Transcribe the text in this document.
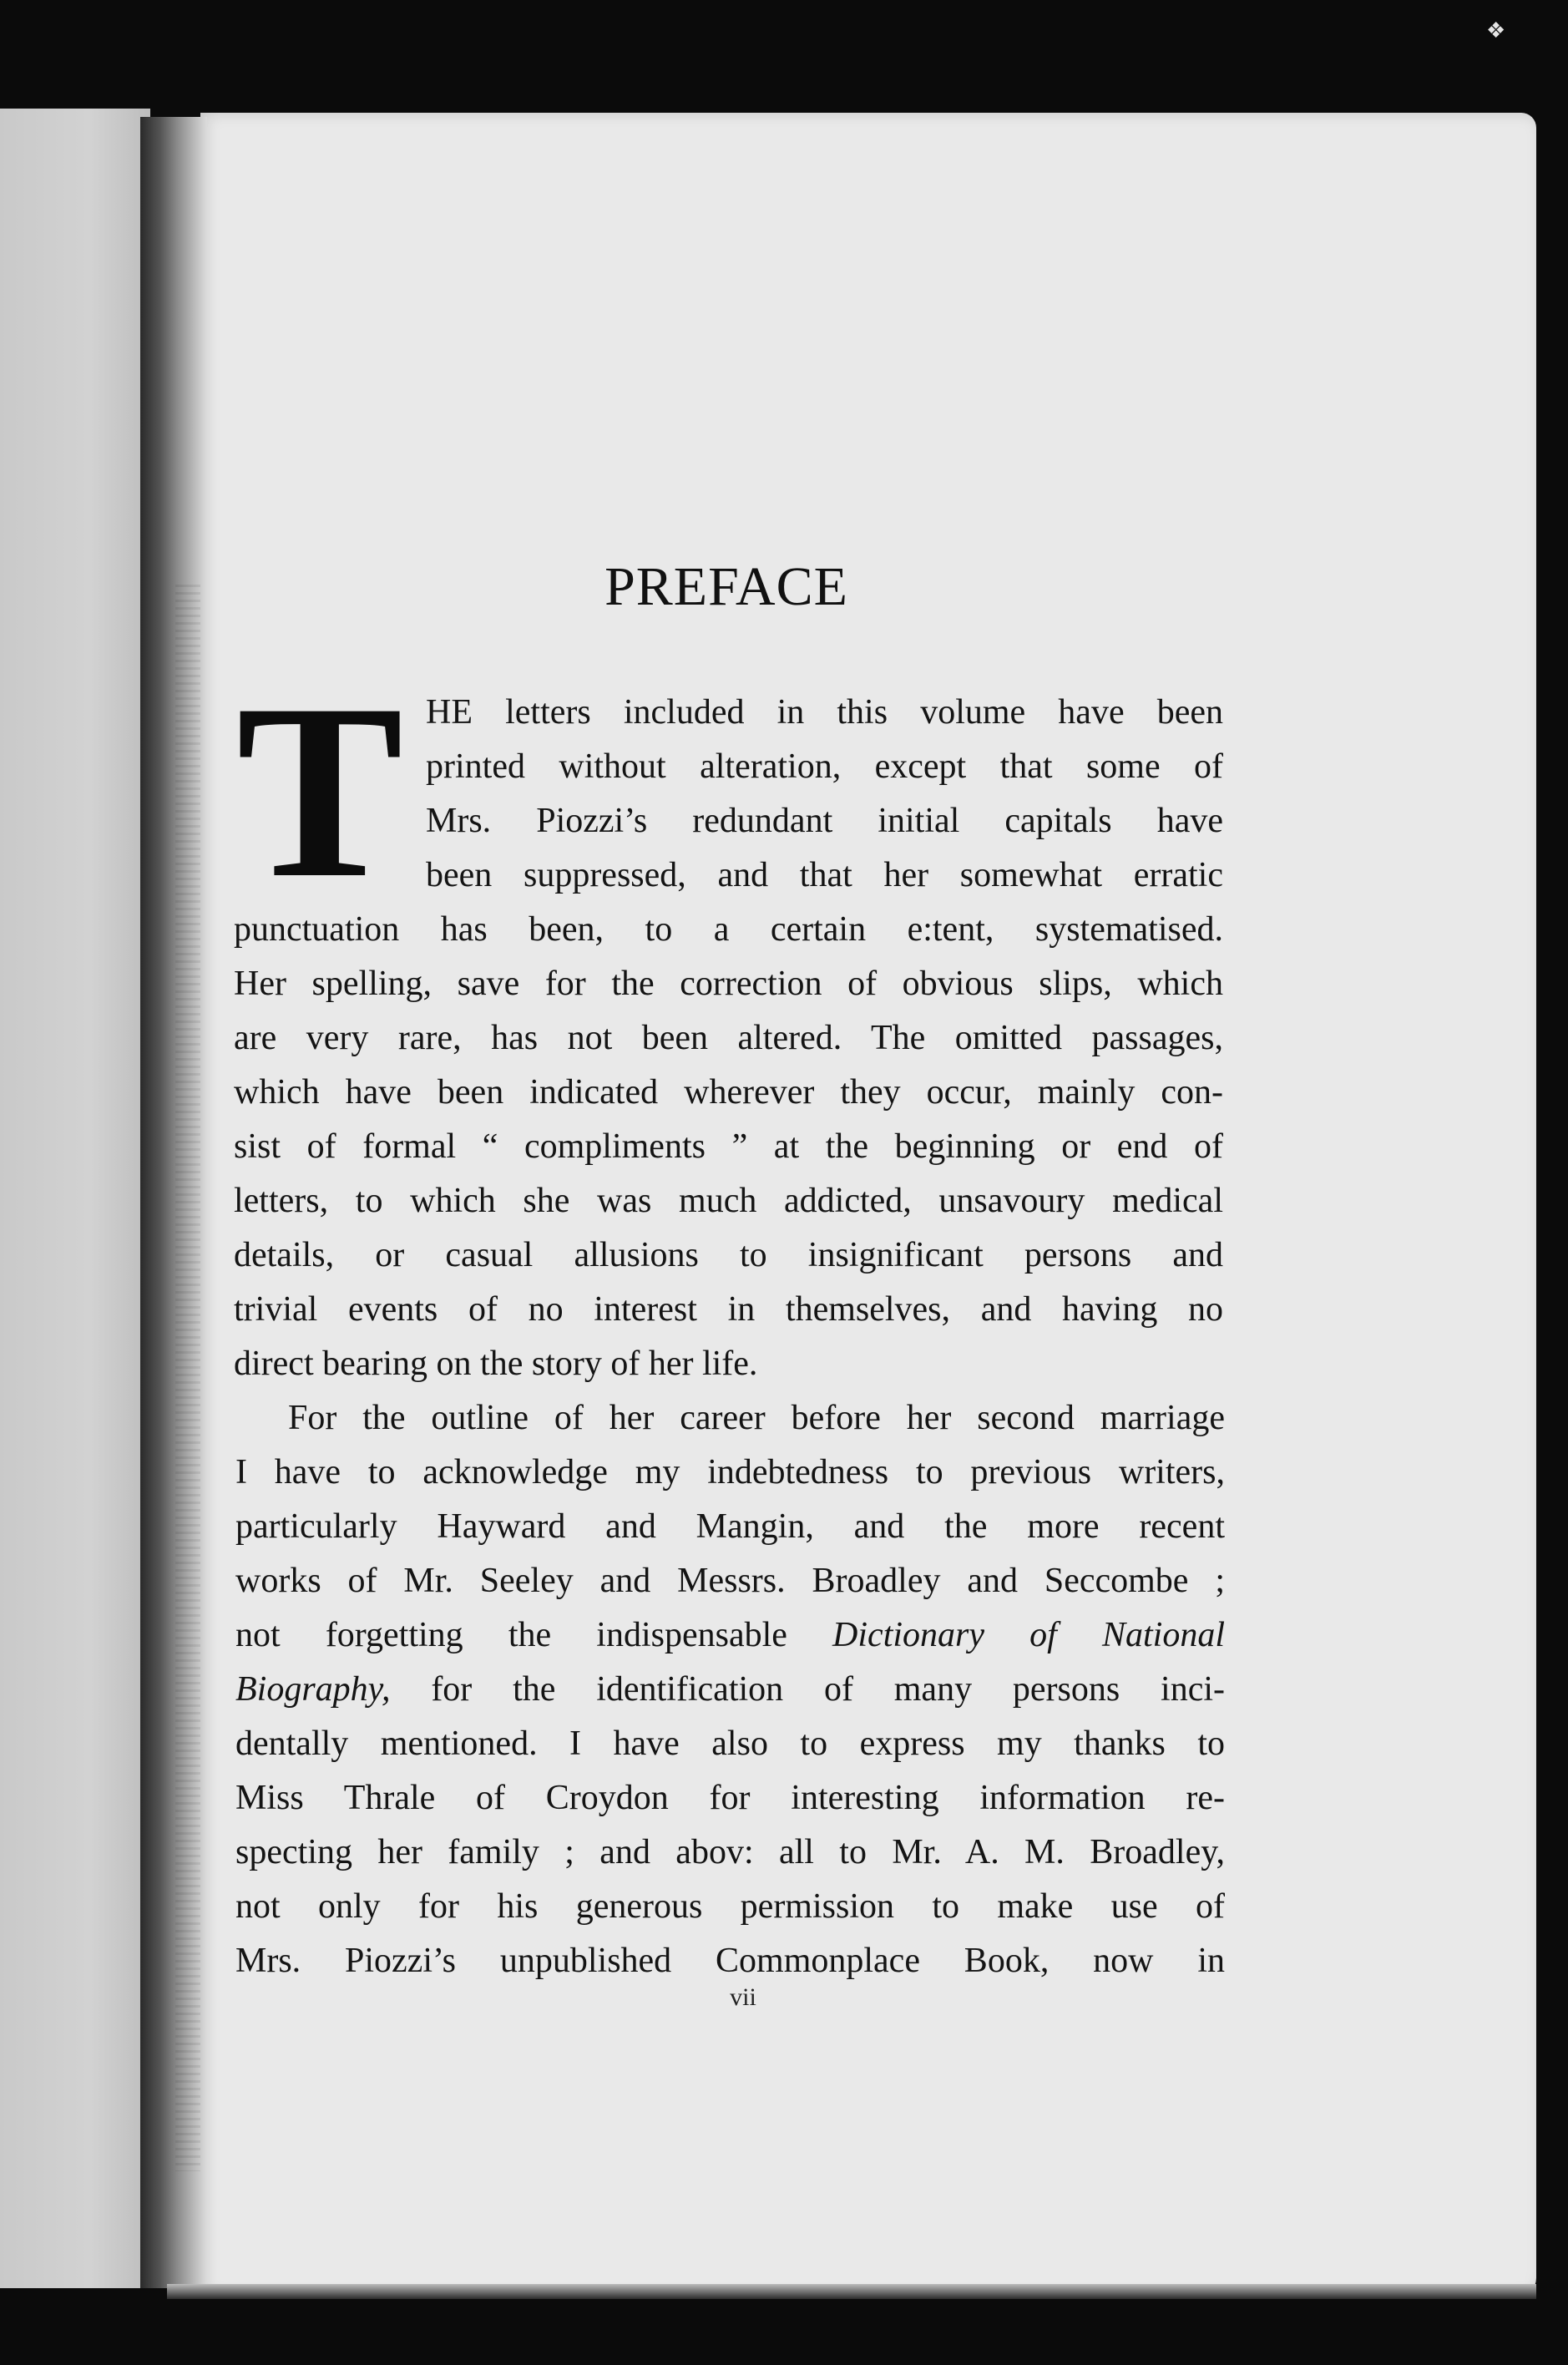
❖
PREFACE
T HE letters included in this volume have been
printed without alteration, except that some of
Mrs. Piozzi’s redundant initial capitals have
been suppressed, and that her somewhat erratic
punctuation has been, to a certain e:tent, systematised.
Her spelling, save for the correction of obvious slips, which
are very rare, has not been altered. The omitted passages,
which have been indicated wherever they occur, mainly con-
sist of formal “ compliments ” at the beginning or end of
letters, to which she was much addicted, unsavoury medical
details, or casual allusions to insignificant persons and
trivial events of no interest in themselves, and having no
direct bearing on the story of her life.
For the outline of her career before her second marriage
I have to acknowledge my indebtedness to previous writers,
particularly Hayward and Mangin, and the more recent
works of Mr. Seeley and Messrs. Broadley and Seccombe ;
not forgetting the indispensable Dictionary of National
Biography, for the identification of many persons inci-
dentally mentioned. I have also to express my thanks to
Miss Thrale of Croydon for interesting information re-
specting her family ; and abov: all to Mr. A. M. Broadley,
not only for his generous permission to make use of
Mrs. Piozzi’s unpublished Commonplace Book, now in
vii
